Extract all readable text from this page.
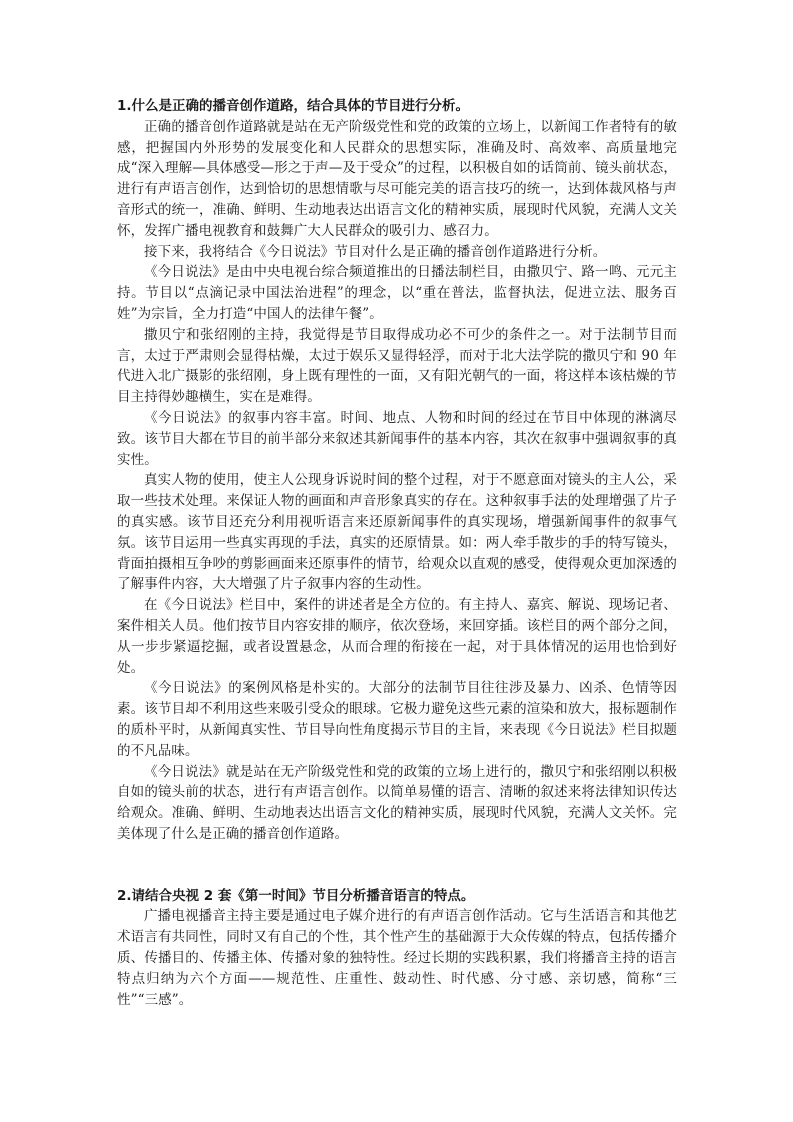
1.什么是正确的播音创作道路，结合具体的节目进行分析。

正确的播音创作道路就是站在无产阶级党性和党的政策的立场上，以新闻工作者特有的敏感，把握国内外形势的发展变化和人民群众的思想实际，准确及时、高效率、高质量地完成“深入理解—具体感受—形之于声—及于受众”的过程，以积极自如的话筒前、镜头前状态，进行有声语言创作，达到恰切的思想情歌与尽可能完美的语言技巧的统一，达到体裁风格与声音形式的统一，准确、鲜明、生动地表达出语言文化的精神实质，展现时代风貌，充满人文关怀，发挥广播电视教育和鼓舞广大人民群众的吸引力、感召力。

接下来，我将结合《今日说法》节目对什么是正确的播音创作道路进行分析。

《今日说法》是由中央电视台综合频道推出的日播法制栏目，由撒贝宁、路一鸣、元元主持。节目以“点滴记录中国法治进程”的理念，以“重在普法，监督执法，促进立法、服务百姓”为宗旨，全力打造“中国人的法律午餐”。

撒贝宁和张绍刚的主持，我觉得是节目取得成功必不可少的条件之一。对于法制节目而言，太过于严肃则会显得枯燥，太过于娱乐又显得轻浮，而对于北大法学院的撒贝宁和 90 年代进入北广摄影的张绍刚，身上既有理性的一面，又有阳光朝气的一面，将这样本该枯燥的节目主持得妙趣横生，实在是难得。

《今日说法》的叙事内容丰富。时间、地点、人物和时间的经过在节目中体现的淋漓尽致。该节目大都在节目的前半部分来叙述其新闻事件的基本内容，其次在叙事中强调叙事的真实性。

真实人物的使用，使主人公现身诉说时间的整个过程，对于不愿意面对镜头的主人公，采取一些技术处理。来保证人物的画面和声音形象真实的存在。这种叙事手法的处理增强了片子的真实感。该节目还充分利用视听语言来还原新闻事件的真实现场，增强新闻事件的叙事气氛。该节目运用一些真实再现的手法，真实的还原情景。如：两人牵手散步的手的特写镜头，背面拍摄相互争吵的剪影画面来还原事件的情节，给观众以直观的感受，使得观众更加深透的了解事件内容，大大增强了片子叙事内容的生动性。

在《今日说法》栏目中，案件的讲述者是全方位的。有主持人、嘉宾、解说、现场记者、案件相关人员。他们按节目内容安排的顺序，依次登场，来回穿插。该栏目的两个部分之间，从一步步紧逼挖掘，或者设置悬念，从而合理的衔接在一起，对于具体情况的运用也恰到好处。

《今日说法》的案例风格是朴实的。大部分的法制节目往往涉及暴力、凶杀、色情等因素。该节目却不利用这些来吸引受众的眼球。它极力避免这些元素的渲染和放大，报标题制作的质朴平时，从新闻真实性、节目导向性角度揭示节目的主旨，来表现《今日说法》栏目拟题的不凡品味。

《今日说法》就是站在无产阶级党性和党的政策的立场上进行的，撒贝宁和张绍刚以积极自如的镜头前的状态，进行有声语言创作。以简单易懂的语言、清晰的叙述来将法律知识传达给观众。准确、鲜明、生动地表达出语言文化的精神实质，展现时代风貌，充满人文关怀。完美体现了什么是正确的播音创作道路。

2.请结合央视 2 套《第一时间》节目分析播音语言的特点。

广播电视播音主持主要是通过电子媒介进行的有声语言创作活动。它与生活语言和其他艺术语言有共同性，同时又有自己的个性，其个性产生的基础源于大众传媒的特点，包括传播介质、传播目的、传播主体、传播对象的独特性。经过长期的实践积累，我们将播音主持的语言特点归纳为六个方面——规范性、庄重性、鼓动性、时代感、分寸感、亲切感，简称“三性”“三感”。
